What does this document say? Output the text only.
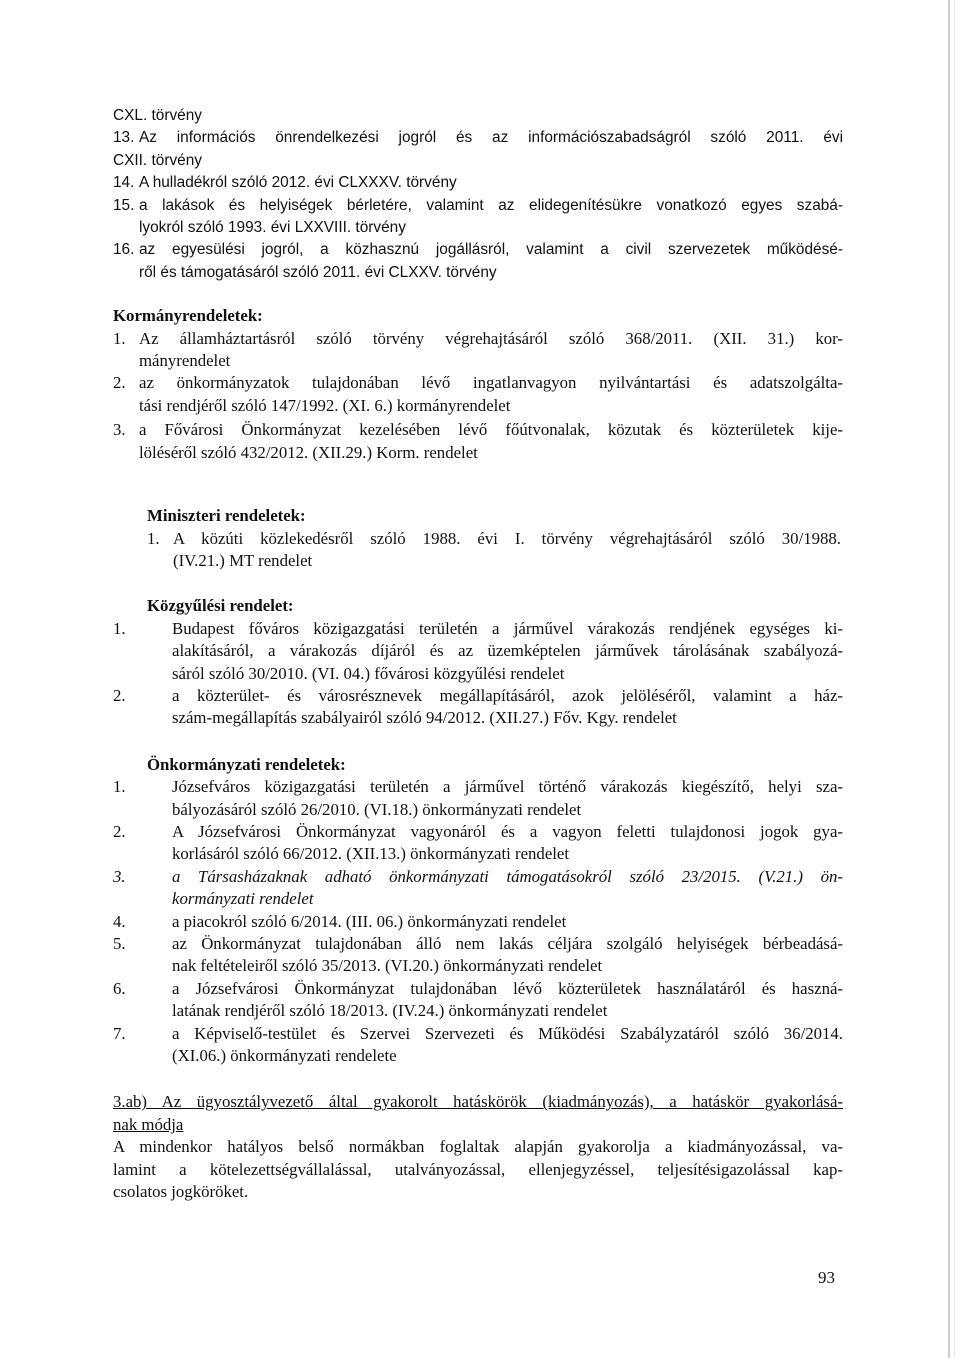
CXL. törvény
13. Az információs önrendelkezési jogról és az információszabadságról szóló 2011. évi
CXII. törvény
14. A hulladékról szóló 2012. évi CLXXXV. törvény
15. a lakások és helyiségek bérletére, valamint az elidegenítésükre vonatkozó egyes szabá-
lyokról szóló 1993. évi LXXVIII. törvény
16. az egyesülési jogról, a közhasznú jogállásról, valamint a civil szervezetek működésé-
ről és támogatásáról szóló 2011. évi CLXXV. törvény
Kormányrendeletek:
1. Az államháztartásról szóló törvény végrehajtásáról szóló 368/2011. (XII. 31.) kor-
mányrendelet
2. az önkormányzatok tulajdonában lévő ingatlanvagyon nyilvántartási és adatszolgálta-
tási rendjéről szóló 147/1992. (XI. 6.) kormányrendelet
3. a Fővárosi Önkormányzat kezelésében lévő főútvonalak, közutak és közterületek kije-
löléséről szóló 432/2012. (XII.29.) Korm. rendelet
Miniszteri rendeletek:
1. A közúti közlekedésről szóló 1988. évi I. törvény végrehajtásáról szóló 30/1988.
(IV.21.) MT rendelet
Közgyűlési rendelet:
1.	Budapest főváros közigazgatási területén a járművel várakozás rendjének egységes ki-
alakításáról, a várakozás díjáról és az üzemképtelen járművek tárolásának szabályozá-
sáról szóló 30/2010. (VI. 04.) fővárosi közgyűlési rendelet
2.	a közterület- és városrésznevek megállapításáról, azok jelöléséről, valamint a ház-
szám-megállapítás szabályairól szóló 94/2012. (XII.27.) Főv. Kgy. rendelet
Önkormányzati rendeletek:
1.	Józsefváros közigazgatási területén a járművel történő várakozás kiegészítő, helyi sza-
bályozásáról szóló 26/2010. (VI.18.) önkormányzati rendelet
2.	A Józsefvárosi Önkormányzat vagyonáról és a vagyon feletti tulajdonosi jogok gya-
korlásáról szóló 66/2012. (XII.13.) önkormányzati rendelet
3.	a Társasházaknak adható önkormányzati támogatásokról szóló 23/2015. (V.21.) ön-
kormányzati rendelet
4.	a piacokról szóló 6/2014. (III. 06.) önkormányzati rendelet
5.	az Önkormányzat tulajdonában álló nem lakás céljára szolgáló helyiségek bérbeadásá-
nak feltételeiről szóló 35/2013. (VI.20.) önkormányzati rendelet
6.	a Józsefvárosi Önkormányzat tulajdonában lévő közterületek használatáról és haszná-
latának rendjéről szóló 18/2013. (IV.24.) önkormányzati rendelet
7.	a Képviselő-testület és Szervei Szervezeti és Működési Szabályzatáról szóló 36/2014.
(XI.06.) önkormányzati rendelete
3.ab) Az ügyosztályvezető által gyakorolt hatáskörök (kiadmányozás), a hatáskör gyakorlásá-
nak módja
A mindenkor hatályos belső normákban foglaltak alapján gyakorolja a kiadmányozással, va-
lamint a kötelezettségvállalással, utalványozással, ellenjegyzéssel, teljesítésigazolással kap-
csolatos jogköröket.
93
